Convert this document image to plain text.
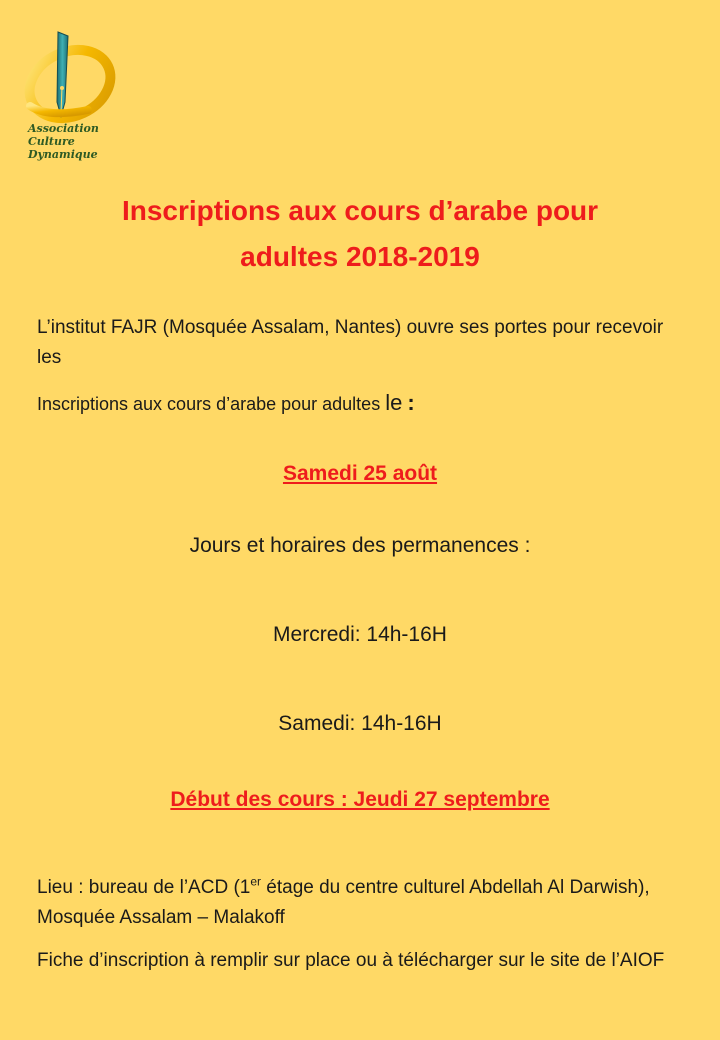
Association
Culture Dynamique
Inscriptions aux cours d’arabe pour
adultes 2018-2019
L’institut FAJR (Mosquée Assalam, Nantes) ouvre ses portes pour recevoir les
Inscriptions aux cours d’arabe pour adultes le :
Samedi 25 août
Jours et horaires des permanences :
Mercredi: 14h-16H
Samedi: 14h-16H
Début des cours : Jeudi 27 septembre
Lieu : bureau de l’ACD (1er étage du centre culturel Abdellah Al Darwish), Mosquée Assalam – Malakoff
Fiche d’inscription à remplir sur place ou à télécharger sur le site de l’AIOF
